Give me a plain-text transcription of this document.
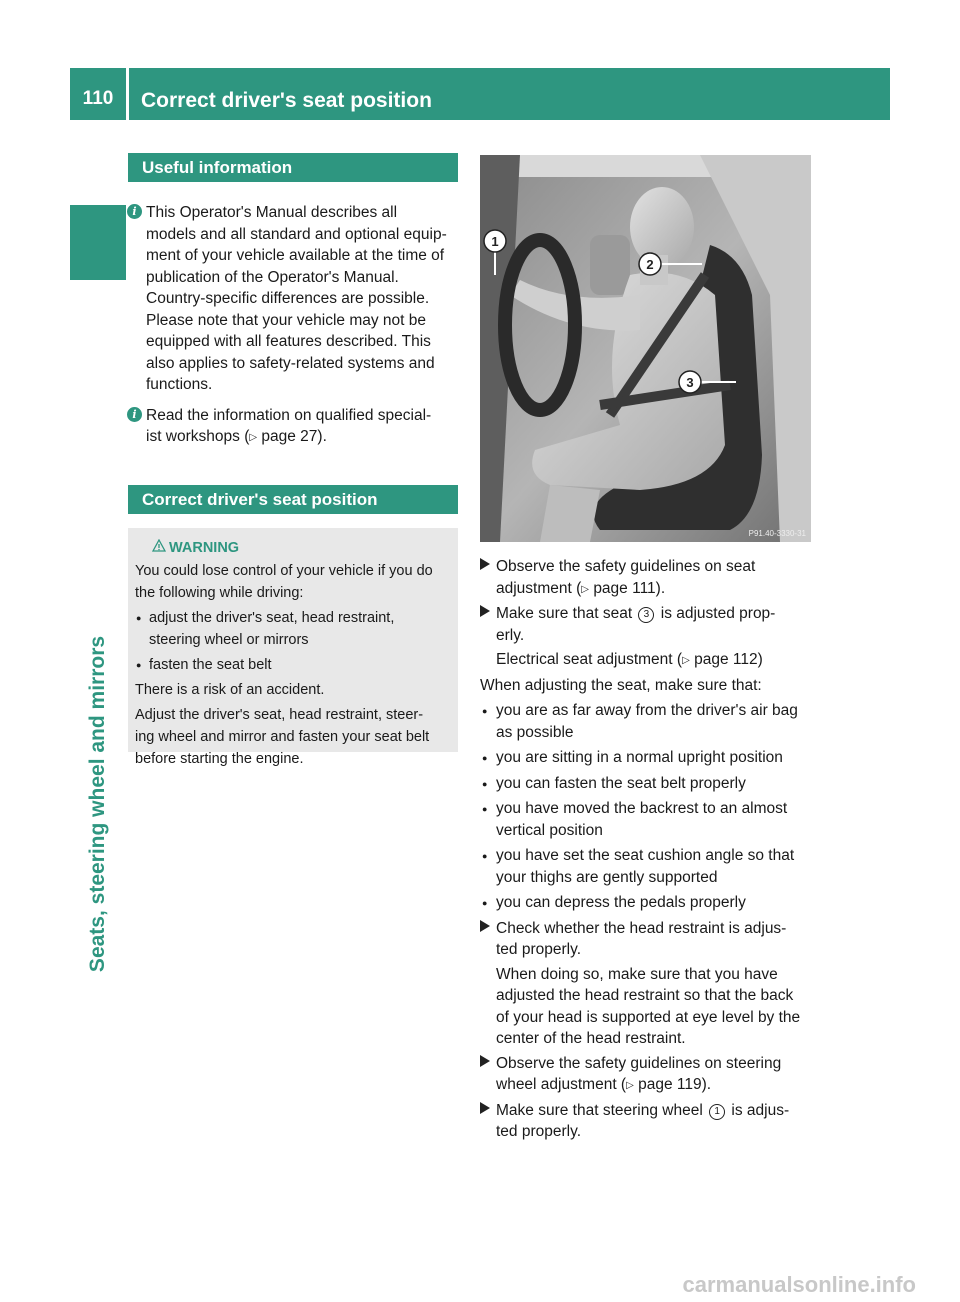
110	Correct driver's seat position
Seats, steering wheel and mirrors
Useful information
i This Operator's Manual describes all
models and all standard and optional equip-
ment of your vehicle available at the time of
publication of the Operator's Manual.
Country-specific differences are possible.
Please note that your vehicle may not be
equipped with all features described. This
also applies to safety-related systems and
functions.
i Read the information on qualified special-
ist workshops (▷ page 27).
Correct driver's seat position
WARNING
You could lose control of your vehicle if you do
the following while driving:
● adjust the driver's seat, head restraint,
steering wheel or mirrors
● fasten the seat belt
There is a risk of an accident.
Adjust the driver's seat, head restraint, steer-
ing wheel and mirror and fasten your seat belt
before starting the engine.
1
2
3
P91.40-3330-31
Observe the safety guidelines on seat
adjustment (▷ page 111).
Make sure that seat 3 is adjusted prop-
erly.
Electrical seat adjustment (▷ page 112)
When adjusting the seat, make sure that:
● you are as far away from the driver's air bag
as possible
● you are sitting in a normal upright position
● you can fasten the seat belt properly
● you have moved the backrest to an almost
vertical position
● you have set the seat cushion angle so that
your thighs are gently supported
● you can depress the pedals properly
Check whether the head restraint is adjus-
ted properly.
When doing so, make sure that you have
adjusted the head restraint so that the back
of your head is supported at eye level by the
center of the head restraint.
Observe the safety guidelines on steering
wheel adjustment (▷ page 119).
Make sure that steering wheel 1 is adjus-
ted properly.
carmanualsonline.info
